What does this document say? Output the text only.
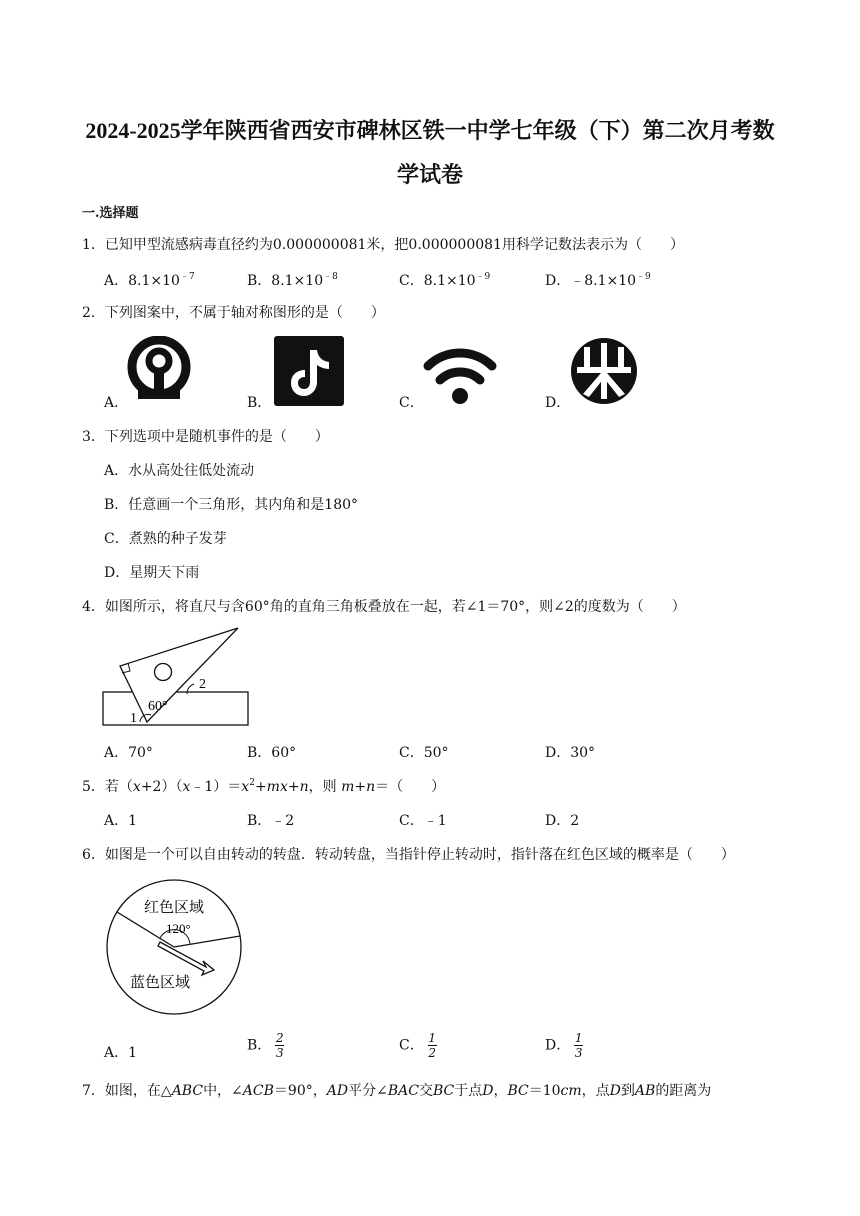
2024-2025学年陕西省西安市碑林区铁一中学七年级（下）第二次月考数
学试卷
一.选择题
1．已知甲型流感病毒直径约为0.000000081米，把0.000000081用科学记数法表示为（　　）
A．$8.1\times 10^{﹣7}$	B．$8.1\times 10^{﹣8}$	C．$8.1\times 10^{﹣9}$	D．$﹣8.1\times 10^{﹣9}$
2．下列图案中，不属于轴对称图形的是（　　）
A．	B．	C．	D．
3．下列选项中是随机事件的是（　　）
A．水从高处往低处流动
B．任意画一个三角形，其内角和是180°
C．煮熟的种子发芽
D．星期天下雨
4．如图所示，将直尺与含60°角的直角三角板叠放在一起，若∠1＝70°，则∠2的度数为（　　）
60°
2
1
A．70°	B．60°	C．50°	D．30°
5．若$(x+2)(x﹣1)=x^2+mx+n$，则 m+n＝（　　）
A．1	B．﹣2	C．﹣1	D．2
6．如图是一个可以自由转动的转盘．转动转盘，当指针停止转动时，指针落在红色区域的概率是（　　）
红色区域
120°
蓝色区域
A．1	B． $\frac{2}{3}$	C． $\frac{1}{2}$	D． $\frac{1}{3}$
7．如图，在△ABC中，∠ACB＝90°，AD平分∠BAC交BC于点D，BC＝10cm，点D到AB的距离为
